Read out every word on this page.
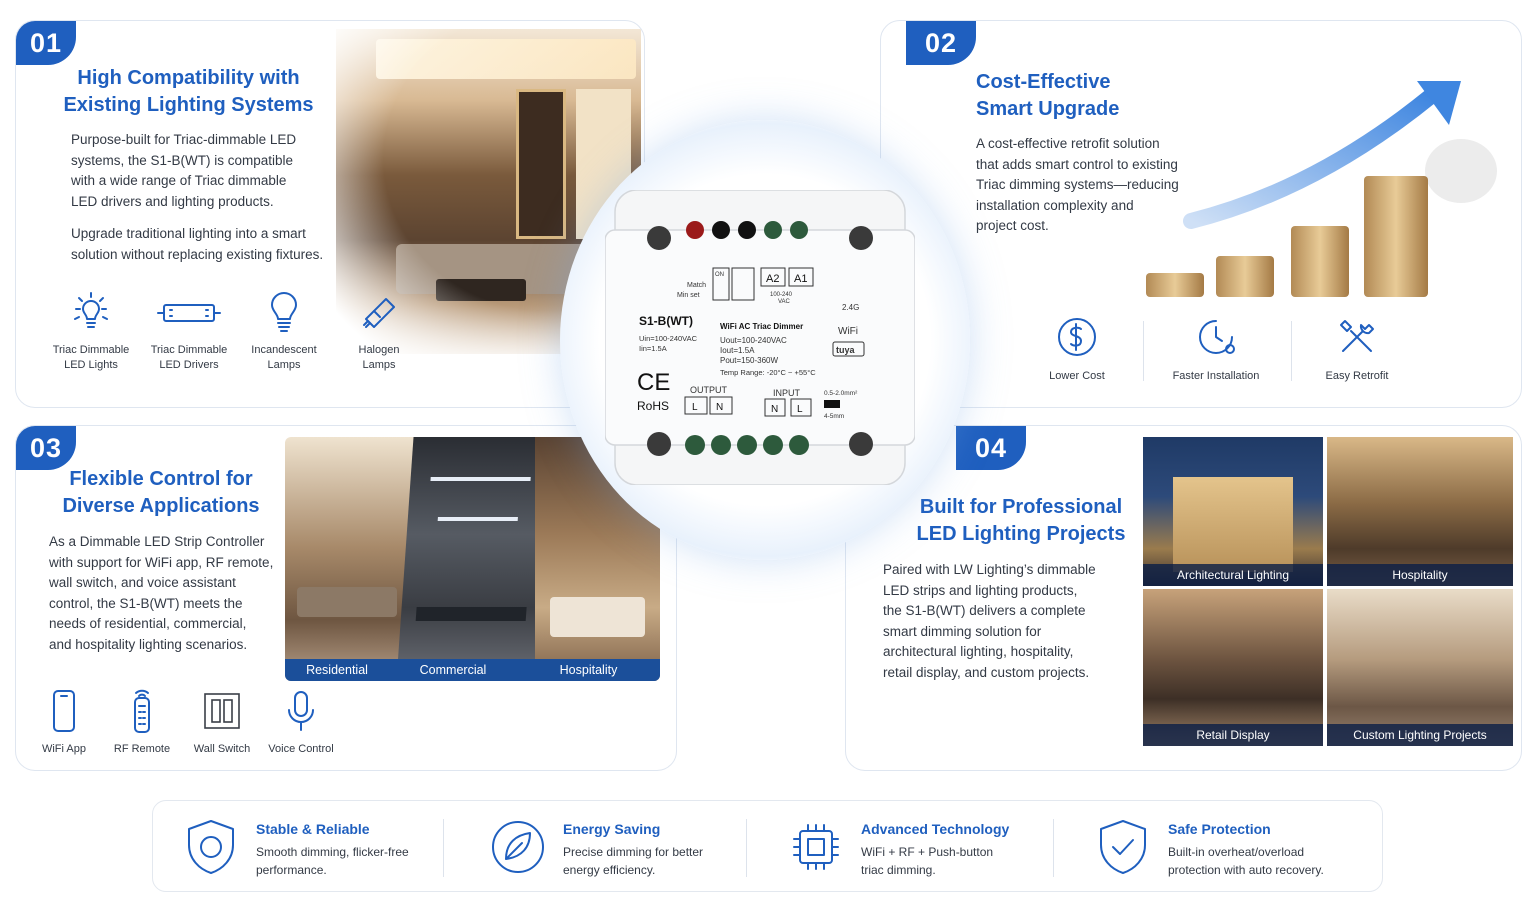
01
High Compatibility with
Existing Lighting Systems
Purpose-built for Triac-dimmable LED
systems, the S1-B(WT) is compatible
with a wide range of Triac dimmable
LED drivers and lighting products.
Upgrade traditional lighting into a smart
solution without replacing existing fixtures.
Triac Dimmable
LED Lights
Triac Dimmable
LED Drivers
Incandescent
Lamps
Halogen
Lamps
02
Cost-Effective
Smart Upgrade
A cost-effective retrofit solution
that adds smart control to existing
Triac dimming systems—reducing
installation complexity and
project cost.
Lower Cost	Faster Installation	Easy Retrofit
03
Flexible Control for
Diverse Applications
As a Dimmable LED Strip Controller
with support for WiFi app, RF remote,
wall switch, and voice assistant
control, the S1-B(WT) meets the
needs of residential, commercial,
and hospitality lighting scenarios.
Residential	Commercial	Hospitality
WiFi App	RF Remote	Wall Switch	Voice Control
04
Built for Professional
LED Lighting Projects
Paired with LW Lighting’s dimmable
LED strips and lighting products,
the S1-B(WT) delivers a complete
smart dimming solution for
architectural lighting, hospitality,
retail display, and custom projects.
Architectural Lighting	Hospitality
Retail Display	Custom Lighting Projects
Match
Min set
ON	A2 A1
100-240
VAC
2.4G
WiFi
tuya
S1-B(WT)	WiFi AC Triac Dimmer
Uin=100-240VAC
Iin=1.5A
Uout=100-240VAC
Iout=1.5A
Pout=150-360W
Temp Range: -20°C ~ +55°C
CE
RoHS
OUTPUT
L N
INPUT
N L
0.5-2.0mm²
4-5mm
Stable & Reliable
Smooth dimming, flicker-free
performance.
Energy Saving
Precise dimming for better
energy efficiency.
Advanced Technology
WiFi + RF + Push-button
triac dimming.
Safe Protection
Built-in overheat/overload
protection with auto recovery.
